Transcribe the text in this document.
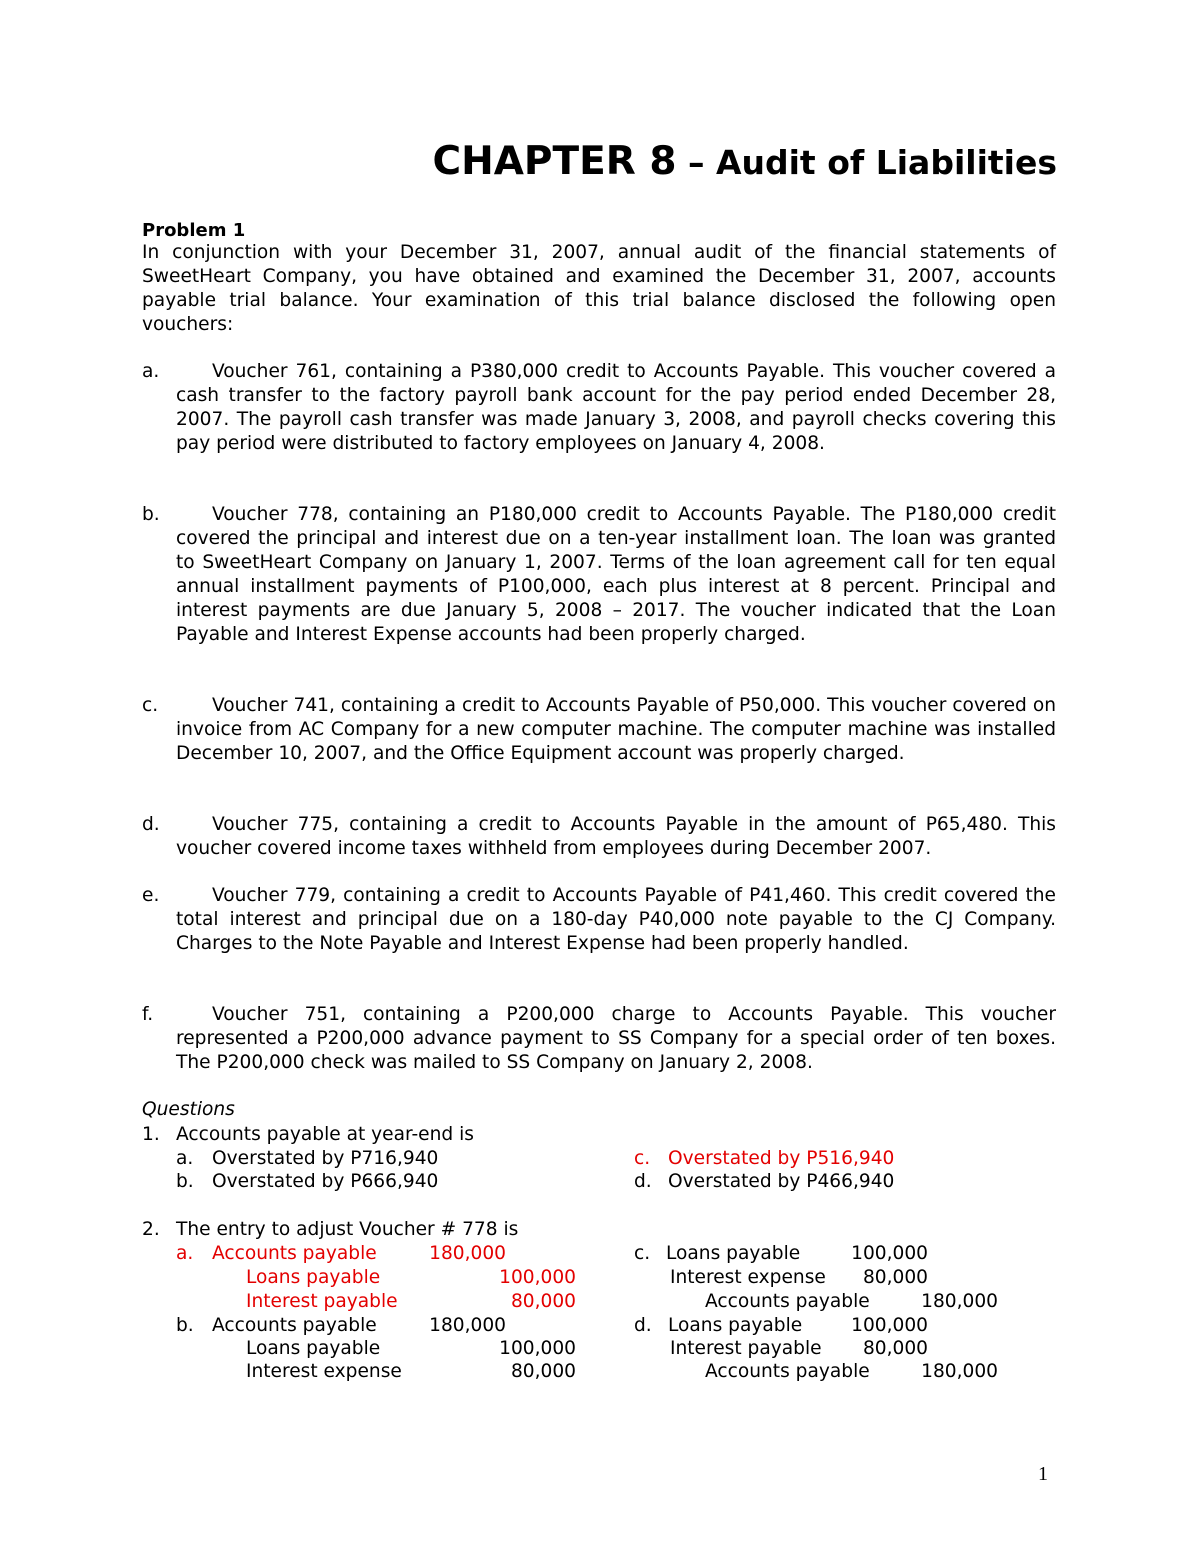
CHAPTER 8 – Audit of Liabilities
Problem 1
In conjunction with your December 31, 2007, annual audit of the financial statements of SweetHeart Company, you have obtained and examined the December 31, 2007, accounts payable trial balance. Your examination of this trial balance disclosed the following open vouchers:
a.	Voucher 761, containing a P380,000 credit to Accounts Payable. This voucher covered a cash transfer to the factory payroll bank account for the pay period ended December 28, 2007. The payroll cash transfer was made January 3, 2008, and payroll checks covering this pay period were distributed to factory employees on January 4, 2008.
b.	Voucher 778, containing an P180,000 credit to Accounts Payable. The P180,000 credit covered the principal and interest due on a ten-year installment loan. The loan was granted to SweetHeart Company on January 1, 2007. Terms of the loan agreement call for ten equal annual installment payments of P100,000, each plus interest at 8 percent. Principal and interest payments are due January 5, 2008 – 2017. The voucher indicated that the Loan Payable and Interest Expense accounts had been properly charged.
c.	Voucher 741, containing a credit to Accounts Payable of P50,000. This voucher covered on invoice from AC Company for a new computer machine. The computer machine was installed December 10, 2007, and the Office Equipment account was properly charged.
d.	Voucher 775, containing a credit to Accounts Payable in the amount of P65,480. This voucher covered income taxes withheld from employees during December 2007.
e.	Voucher 779, containing a credit to Accounts Payable of P41,460. This credit covered the total interest and principal due on a 180-day P40,000 note payable to the CJ Company. Charges to the Note Payable and Interest Expense had been properly handled.
f.	Voucher 751, containing a P200,000 charge to Accounts Payable. This voucher represented a P200,000 advance payment to SS Company for a special order of ten boxes. The P200,000 check was mailed to SS Company on January 2, 2008.
Questions
1. Accounts payable at year-end is
a. Overstated by P716,940
b. Overstated by P666,940
c. Overstated by P516,940
d. Overstated by P466,940
2. The entry to adjust Voucher # 778 is
a. Accounts payable	180,000
Loans payable	100,000
Interest payable	80,000
b. Accounts payable	180,000
Loans payable	100,000
Interest expense	80,000
c. Loans payable	100,000
Interest expense	80,000
Accounts payable	180,000
d. Loans payable	100,000
Interest payable	80,000
Accounts payable	180,000
1
